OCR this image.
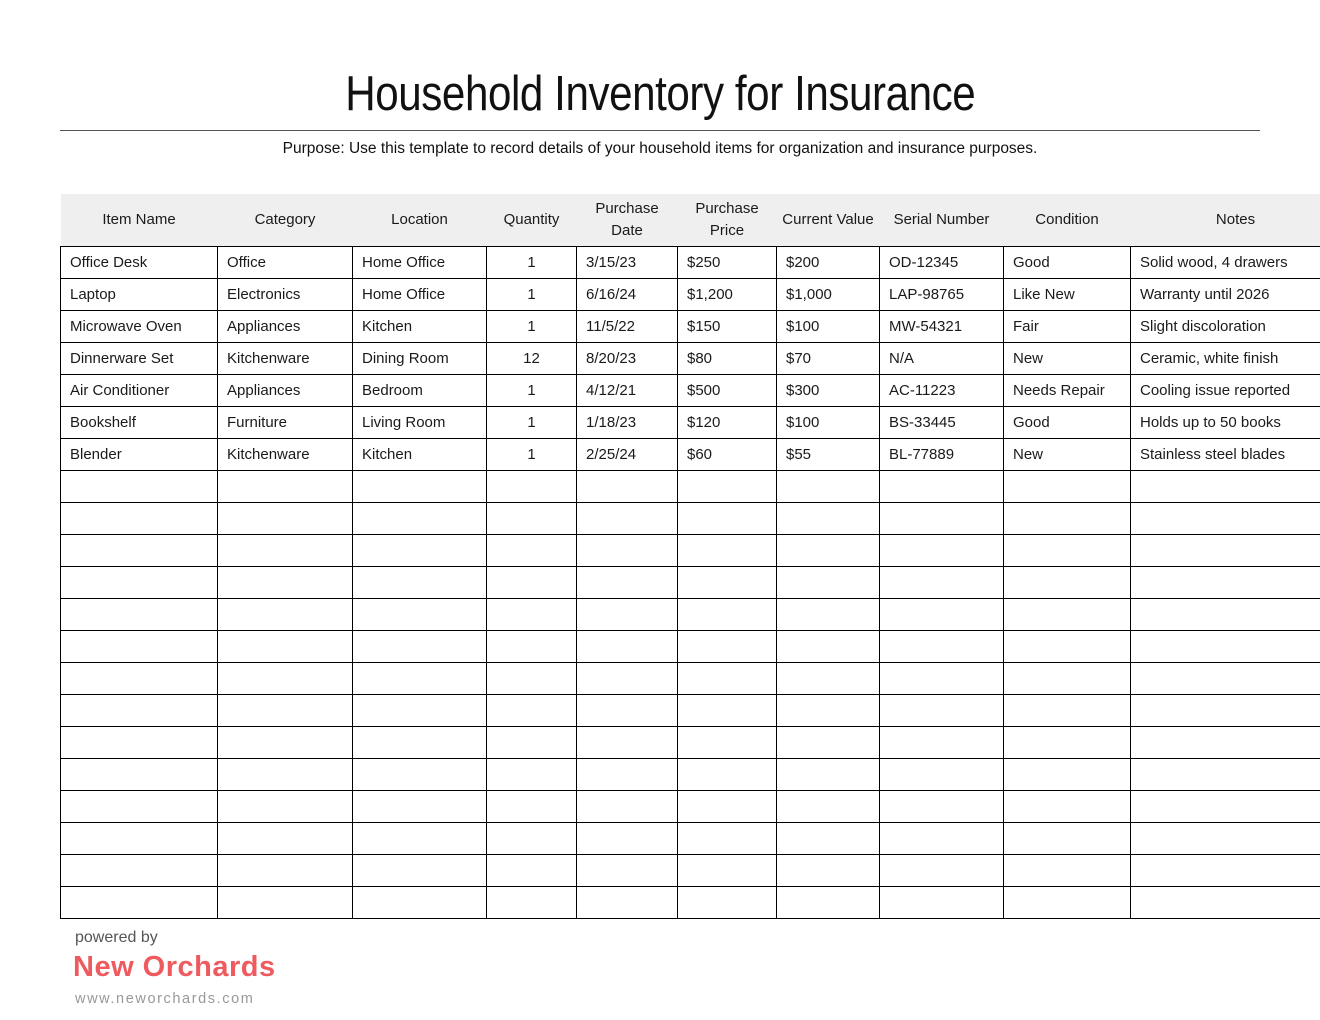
Household Inventory for Insurance

Purpose: Use this template to record details of your household items for organization and insurance purposes.

Item Name	Category	Location	Quantity	Purchase Date	Purchase Price	Current Value	Serial Number	Condition	Notes
Office Desk	Office	Home Office	1	3/15/23	$250	$200	OD-12345	Good	Solid wood, 4 drawers
Laptop	Electronics	Home Office	1	6/16/24	$1,200	$1,000	LAP-98765	Like New	Warranty until 2026
Microwave Oven	Appliances	Kitchen	1	11/5/22	$150	$100	MW-54321	Fair	Slight discoloration
Dinnerware Set	Kitchenware	Dining Room	12	8/20/23	$80	$70	N/A	New	Ceramic, white finish
Air Conditioner	Appliances	Bedroom	1	4/12/21	$500	$300	AC-11223	Needs Repair	Cooling issue reported
Bookshelf	Furniture	Living Room	1	1/18/23	$120	$100	BS-33445	Good	Holds up to 50 books
Blender	Kitchenware	Kitchen	1	2/25/24	$60	$55	BL-77889	New	Stainless steel blades

powered by

New Orchards

www.neworchards.com
